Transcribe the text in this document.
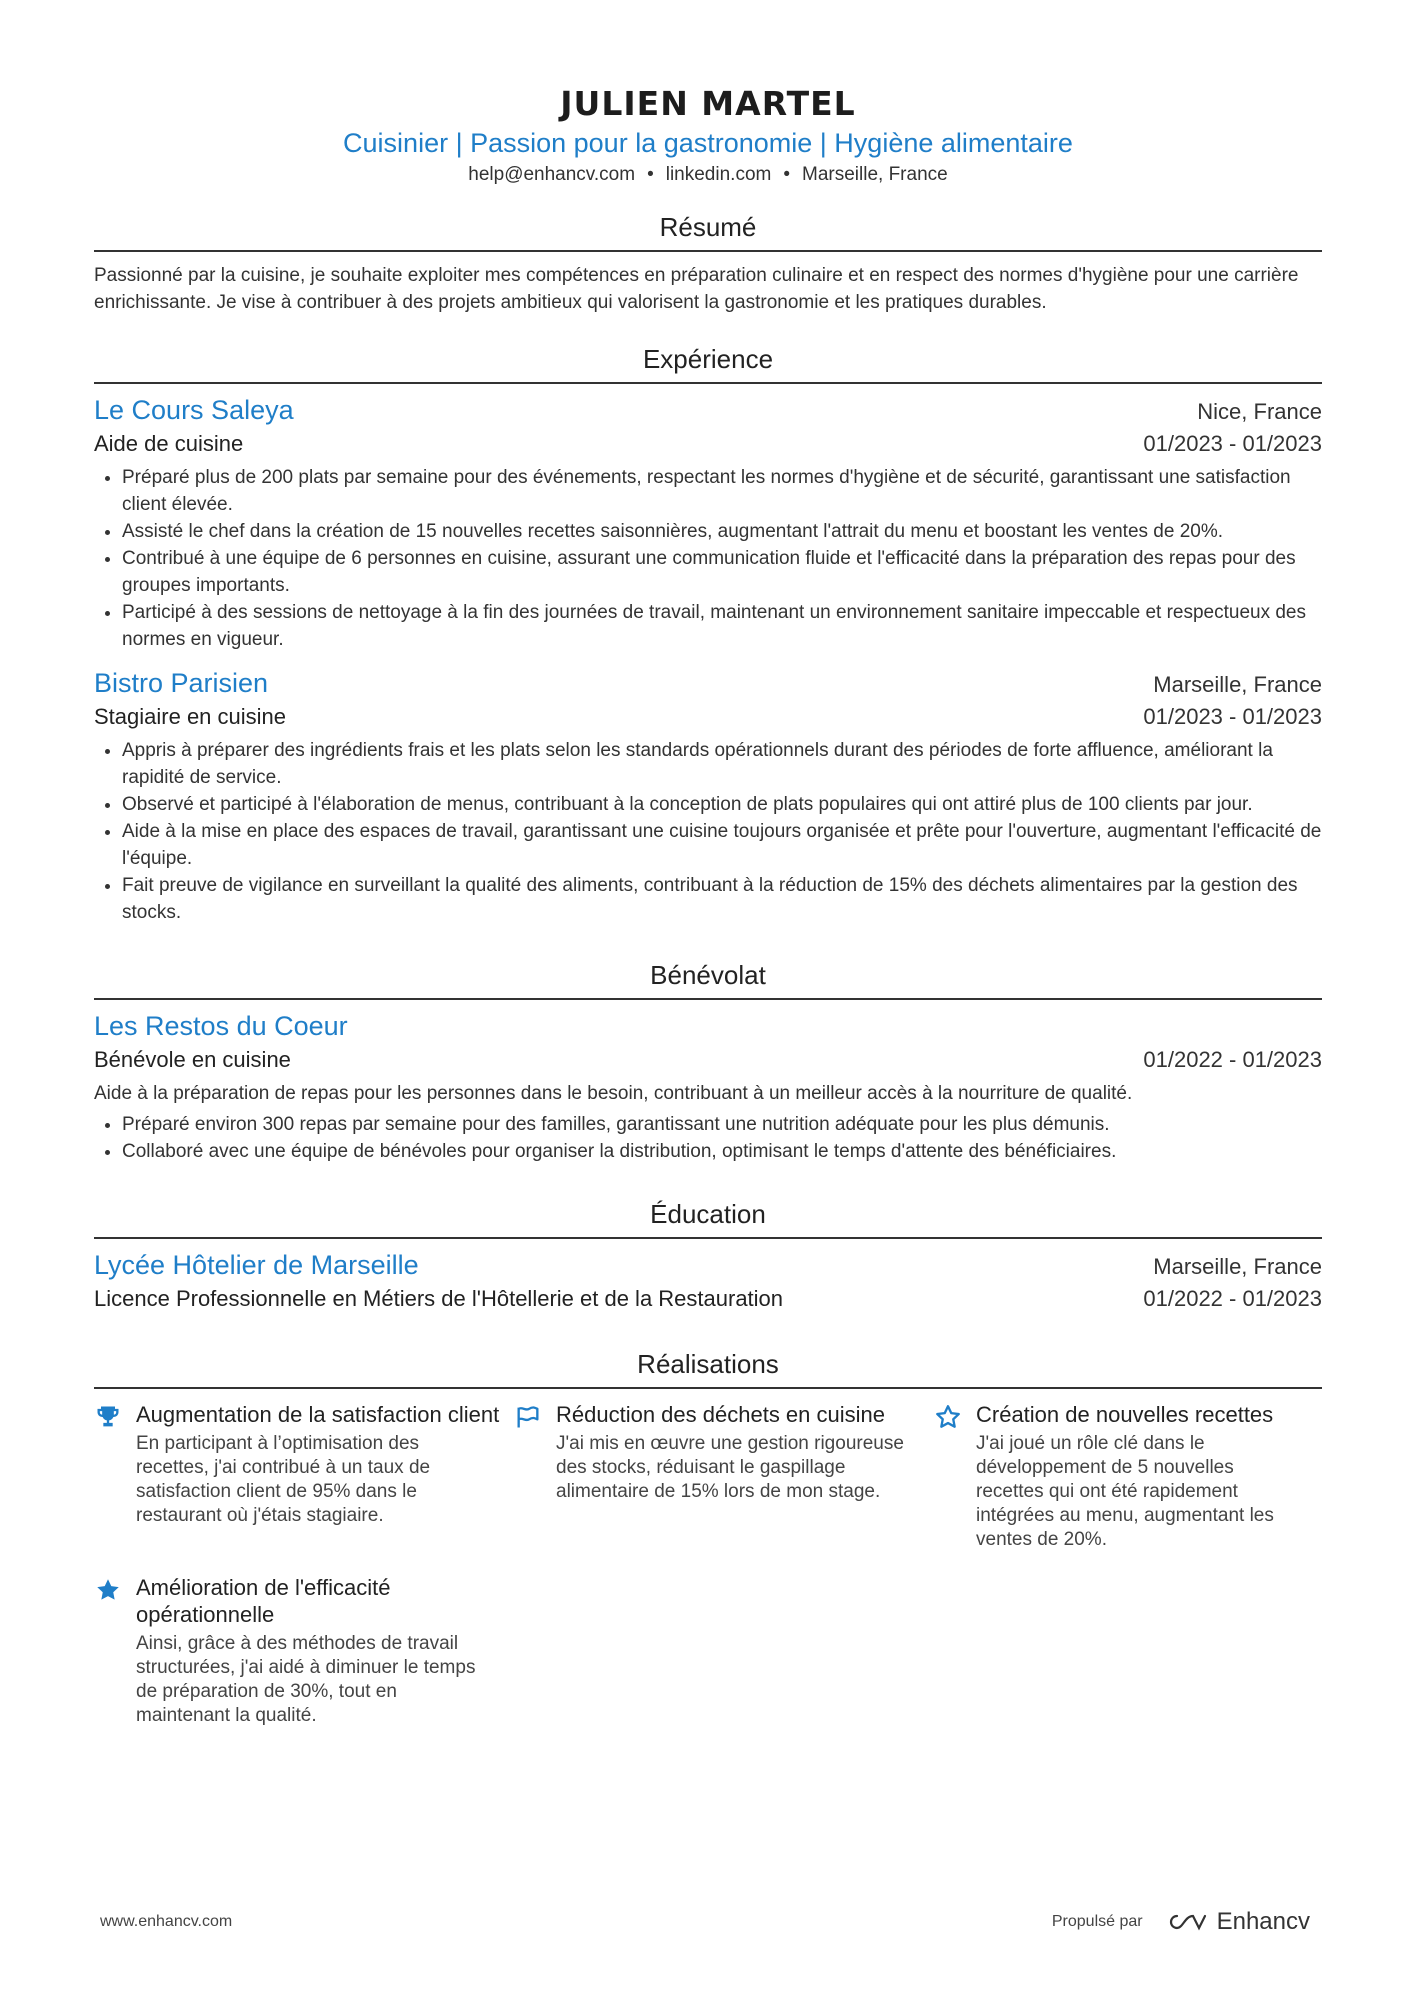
JULIEN MARTEL
Cuisinier | Passion pour la gastronomie | Hygiène alimentaire
help@enhancv.com • linkedin.com • Marseille, France
Résumé
Passionné par la cuisine, je souhaite exploiter mes compétences en préparation culinaire et en respect des normes d'hygiène pour une carrière enrichissante. Je vise à contribuer à des projets ambitieux qui valorisent la gastronomie et les pratiques durables.
Expérience
Le Cours Saleya	Nice, France
Aide de cuisine	01/2023 - 01/2023
• Préparé plus de 200 plats par semaine pour des événements, respectant les normes d'hygiène et de sécurité, garantissant une satisfaction client élevée.
• Assisté le chef dans la création de 15 nouvelles recettes saisonnières, augmentant l'attrait du menu et boostant les ventes de 20%.
• Contribué à une équipe de 6 personnes en cuisine, assurant une communication fluide et l'efficacité dans la préparation des repas pour des groupes importants.
• Participé à des sessions de nettoyage à la fin des journées de travail, maintenant un environnement sanitaire impeccable et respectueux des normes en vigueur.
Bistro Parisien	Marseille, France
Stagiaire en cuisine	01/2023 - 01/2023
• Appris à préparer des ingrédients frais et les plats selon les standards opérationnels durant des périodes de forte affluence, améliorant la rapidité de service.
• Observé et participé à l'élaboration de menus, contribuant à la conception de plats populaires qui ont attiré plus de 100 clients par jour.
• Aide à la mise en place des espaces de travail, garantissant une cuisine toujours organisée et prête pour l'ouverture, augmentant l'efficacité de l'équipe.
• Fait preuve de vigilance en surveillant la qualité des aliments, contribuant à la réduction de 15% des déchets alimentaires par la gestion des stocks.
Bénévolat
Les Restos du Coeur
Bénévole en cuisine	01/2022 - 01/2023
Aide à la préparation de repas pour les personnes dans le besoin, contribuant à un meilleur accès à la nourriture de qualité.
• Préparé environ 300 repas par semaine pour des familles, garantissant une nutrition adéquate pour les plus démunis.
• Collaboré avec une équipe de bénévoles pour organiser la distribution, optimisant le temps d'attente des bénéficiaires.
Éducation
Lycée Hôtelier de Marseille	Marseille, France
Licence Professionnelle en Métiers de l'Hôtellerie et de la Restauration	01/2022 - 01/2023
Réalisations
Augmentation de la satisfaction client
En participant à l’optimisation des recettes, j'ai contribué à un taux de satisfaction client de 95% dans le restaurant où j'étais stagiaire.
Réduction des déchets en cuisine
J'ai mis en œuvre une gestion rigoureuse des stocks, réduisant le gaspillage alimentaire de 15% lors de mon stage.
Création de nouvelles recettes
J'ai joué un rôle clé dans le développement de 5 nouvelles recettes qui ont été rapidement intégrées au menu, augmentant les ventes de 20%.
Amélioration de l'efficacité opérationnelle
Ainsi, grâce à des méthodes de travail structurées, j'ai aidé à diminuer le temps de préparation de 30%, tout en maintenant la qualité.
www.enhancv.com	Propulsé par	Enhancv
